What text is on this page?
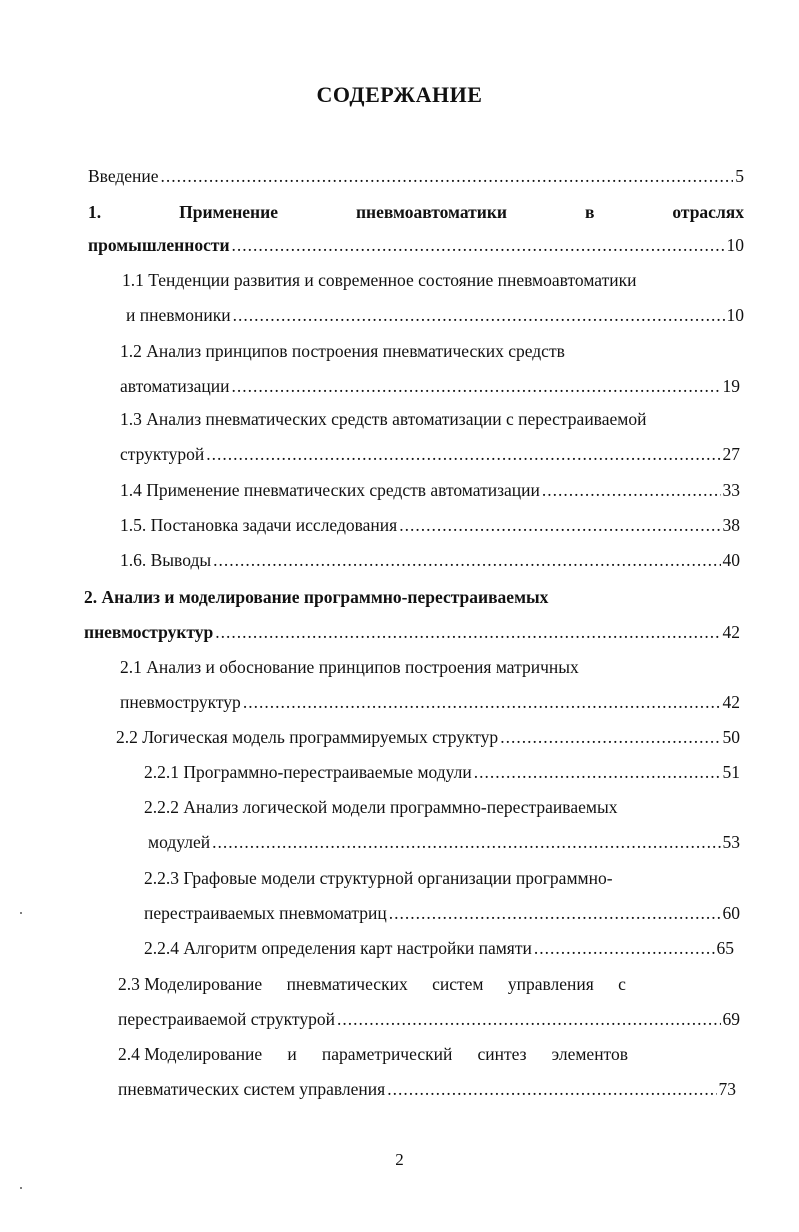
СОДЕРЖАНИЕ
Введение .....	5
1.	Применение	пневмоавтоматики	в	отраслях
промышленности .....	10
1.1 Тенденции развития и современное состояние пневмоавтоматики
и пневмоники .....	10
1.2 Анализ принципов построения пневматических средств
автоматизации .....	19
1.3 Анализ пневматических средств автоматизации с перестраиваемой
структурой .....	27
1.4 Применение пневматических средств автоматизации .....	33
1.5. Постановка задачи исследования .....	38
1.6. Выводы .....	40
2. Анализ и моделирование программно-перестраиваемых
пневмоструктур .....	42
2.1 Анализ и обоснование принципов построения матричных
пневмоструктур .....	42
2.2 Логическая модель программируемых структур .....	50
2.2.1 Программно-перестраиваемые модули .....	51
2.2.2 Анализ логической модели программно-перестраиваемых
модулей .....	53
2.2.3 Графовые модели структурной организации программно-
перестраиваемых пневмоматриц .....	60
2.2.4 Алгоритм определения карт настройки памяти .....	65
2.3 Моделирование пневматических систем управления с
перестраиваемой структурой .....	69
2.4 Моделирование и параметрический синтез элементов
пневматических систем управления .....	73
2
